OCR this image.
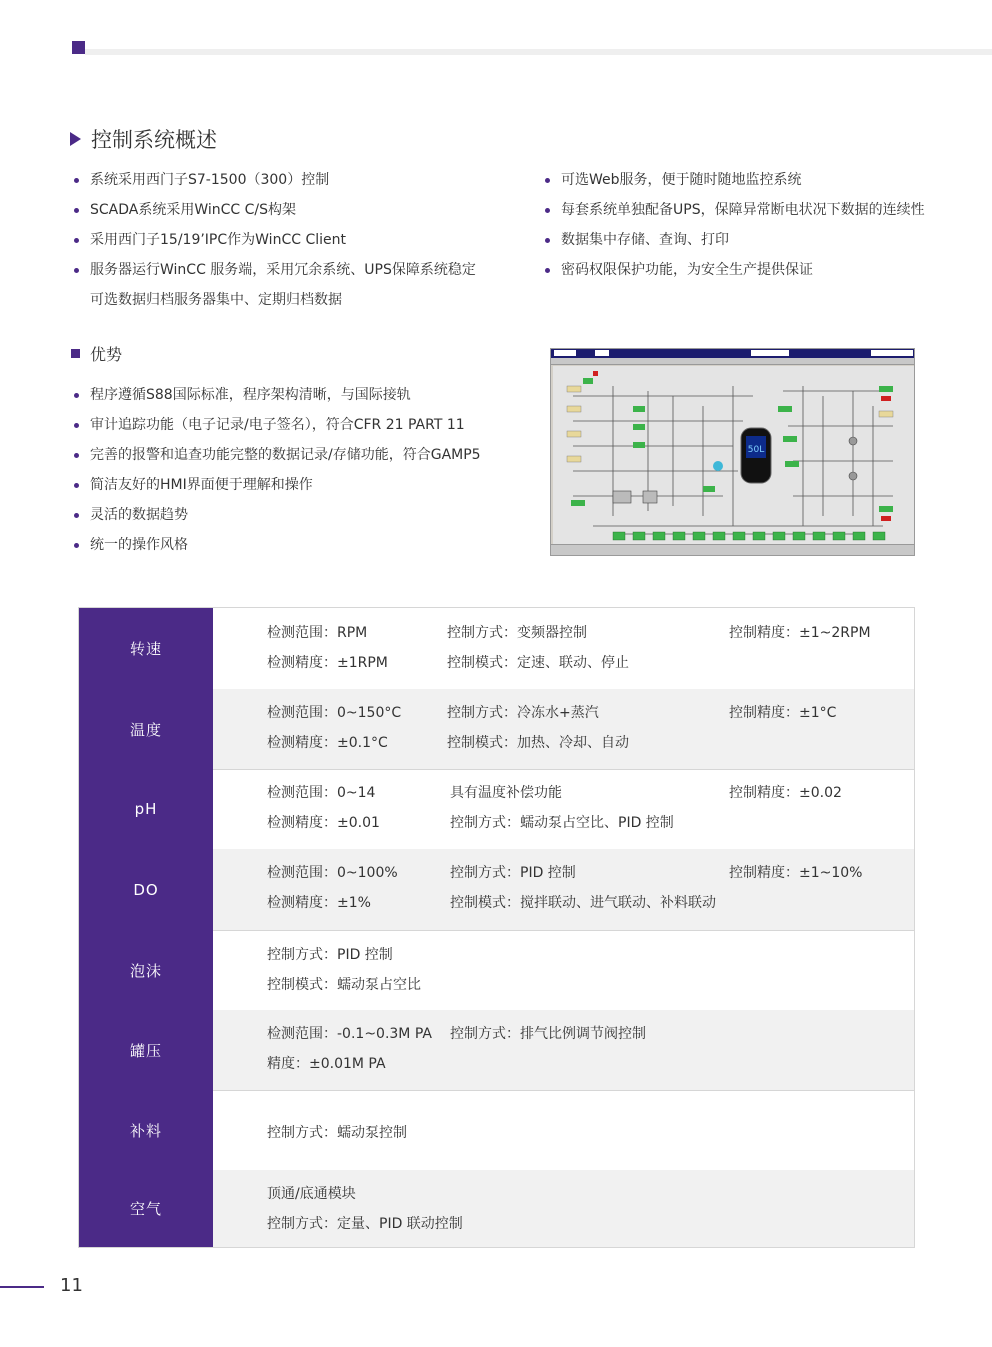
控制系统概述
系统采用西门子S7-1500（300）控制
SCADA系统采用WinCC C/S构架
采用西门子15/19’IPC作为WinCC Client
服务器运行WinCC 服务端，采用冗余系统、UPS保障系统稳定
可选数据归档服务器集中、定期归档数据
可选Web服务，便于随时随地监控系统
每套系统单独配备UPS，保障异常断电状况下数据的连续性
数据集中存储、查询、打印
密码权限保护功能，为安全生产提供保证
优势
程序遵循S88国际标准，程序架构清晰，与国际接轨
审计追踪功能（电子记录/电子签名），符合CFR 21 PART 11
完善的报警和追查功能完整的数据记录/存储功能，符合GAMP5
简洁友好的HMI界面便于理解和操作
灵活的数据趋势
统一的操作风格
50L
转速
检测范围：RPM
检测精度：±1RPM
控制方式：变频器控制
控制模式：定速、联动、停止
控制精度：±1~2RPM
温度
检测范围：0~150°C
检测精度：±0.1°C
控制方式：冷冻水+蒸汽
控制模式：加热、冷却、自动
控制精度：±1°C
pH
检测范围：0~14
检测精度：±0.01
具有温度补偿功能
控制方式：蠕动泵占空比、PID 控制
控制精度：±0.02
DO
检测范围：0~100%
检测精度：±1%
控制方式：PID 控制
控制模式：搅拌联动、进气联动、补料联动
控制精度：±1~10%
泡沫
控制方式：PID 控制
控制模式：蠕动泵占空比
罐压
检测范围：-0.1~0.3M PA
精度：±0.01M PA
控制方式：排气比例调节阀控制
补料	控制方式：蠕动泵控制
空气
顶通/底通模块
控制方式：定量、PID 联动控制
11
